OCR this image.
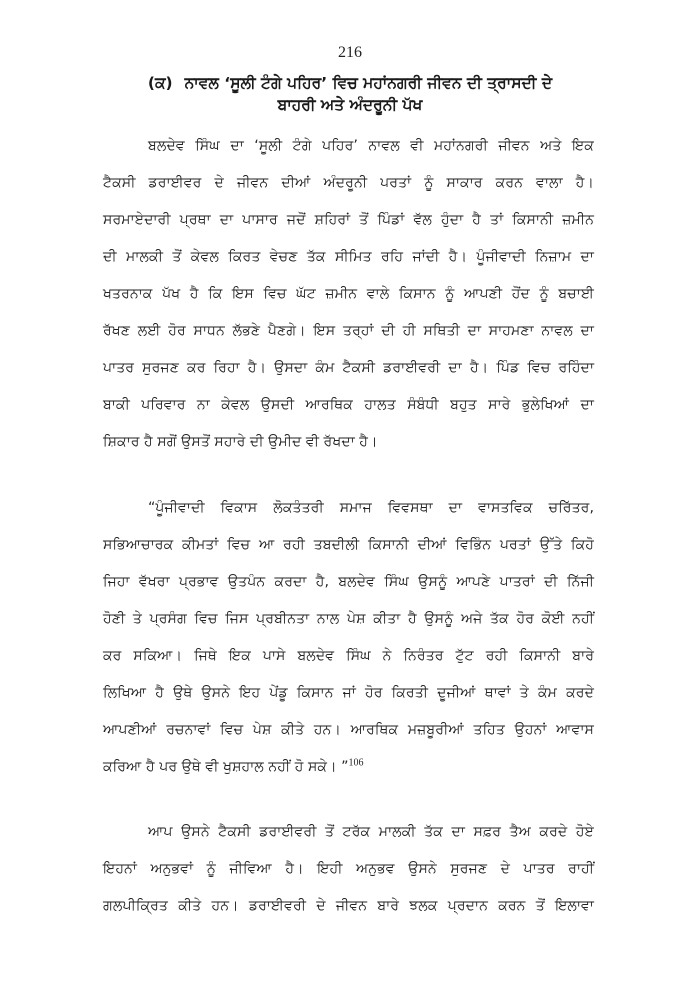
216
(ਕ) ਨਾਵਲ ‘ਸੂਲੀ ਟੰਗੇ ਪਹਿਰ’ ਵਿਚ ਮਹਾਂਨਗਰੀ ਜੀਵਨ ਦੀ ਤ੍ਰਾਸਦੀ ਦੇ
ਬਾਹਰੀ ਅਤੇ ਅੰਦਰੂਨੀ ਪੱਖ
ਬਲਦੇਵ ਸਿੰਘ ਦਾ ‘ਸੂਲੀ ਟੰਗੇ ਪਹਿਰ’ ਨਾਵਲ ਵੀ ਮਹਾਂਨਗਰੀ ਜੀਵਨ ਅਤੇ ਇਕ
ਟੈਕਸੀ ਡਰਾਈਵਰ ਦੇ ਜੀਵਨ ਦੀਆਂ ਅੰਦਰੂਨੀ ਪਰਤਾਂ ਨੂੰ ਸਾਕਾਰ ਕਰਨ ਵਾਲਾ ਹੈ।
ਸਰਮਾਏਦਾਰੀ ਪ੍ਰਥਾ ਦਾ ਪਾਸਾਰ ਜਦੋਂ ਸ਼ਹਿਰਾਂ ਤੋਂ ਪਿੰਡਾਂ ਵੱਲ ਹੁੰਦਾ ਹੈ ਤਾਂ ਕਿਸਾਨੀ ਜ਼ਮੀਨ
ਦੀ ਮਾਲਕੀ ਤੋਂ ਕੇਵਲ ਕਿਰਤ ਵੇਚਣ ਤੱਕ ਸੀਮਿਤ ਰਹਿ ਜਾਂਦੀ ਹੈ। ਪੂੰਜੀਵਾਦੀ ਨਿਜ਼ਾਮ ਦਾ
ਖਤਰਨਾਕ ਪੱਖ ਹੈ ਕਿ ਇਸ ਵਿਚ ਘੱਟ ਜ਼ਮੀਨ ਵਾਲੇ ਕਿਸਾਨ ਨੂੰ ਆਪਣੀ ਹੋਂਦ ਨੂੰ ਬਚਾਈ
ਰੱਖਣ ਲਈ ਹੋਰ ਸਾਧਨ ਲੱਭਣੇ ਪੈਣਗੇ। ਇਸ ਤਰ੍ਹਾਂ ਦੀ ਹੀ ਸਥਿਤੀ ਦਾ ਸਾਹਮਣਾ ਨਾਵਲ ਦਾ
ਪਾਤਰ ਸੁਰਜਣ ਕਰ ਰਿਹਾ ਹੈ। ਉਸਦਾ ਕੰਮ ਟੈਕਸੀ ਡਰਾਈਵਰੀ ਦਾ ਹੈ। ਪਿੰਡ ਵਿਚ ਰਹਿੰਦਾ
ਬਾਕੀ ਪਰਿਵਾਰ ਨਾ ਕੇਵਲ ਉਸਦੀ ਆਰਥਿਕ ਹਾਲਤ ਸੰਬੰਧੀ ਬਹੁਤ ਸਾਰੇ ਭੁਲੇਖਿਆਂ ਦਾ
ਸ਼ਿਕਾਰ ਹੈ ਸਗੋਂ ਉਸਤੋਂ ਸਹਾਰੇ ਦੀ ਉਮੀਦ ਵੀ ਰੱਖਦਾ ਹੈ।
“ਪੂੰਜੀਵਾਦੀ ਵਿਕਾਸ ਲੋਕਤੰਤਰੀ ਸਮਾਜ ਵਿਵਸਥਾ ਦਾ ਵਾਸਤਵਿਕ ਚਰਿੱਤਰ,
ਸਭਿਆਚਾਰਕ ਕੀਮਤਾਂ ਵਿਚ ਆ ਰਹੀ ਤਬਦੀਲੀ ਕਿਸਾਨੀ ਦੀਆਂ ਵਿਭਿੰਨ ਪਰਤਾਂ ਉੱਤੇ ਕਿਹੋ
ਜਿਹਾ ਵੱਖਰਾ ਪ੍ਰਭਾਵ ਉਤਪੰਨ ਕਰਦਾ ਹੈ, ਬਲਦੇਵ ਸਿੰਘ ਉਸਨੂੰ ਆਪਣੇ ਪਾਤਰਾਂ ਦੀ ਨਿੱਜੀ
ਹੋਣੀ ਤੇ ਪ੍ਰਸੰਗ ਵਿਚ ਜਿਸ ਪ੍ਰਬੀਨਤਾ ਨਾਲ ਪੇਸ਼ ਕੀਤਾ ਹੈ ਉਸਨੂੰ ਅਜੇ ਤੱਕ ਹੋਰ ਕੋਈ ਨਹੀਂ
ਕਰ ਸਕਿਆ। ਜਿਥੇ ਇਕ ਪਾਸੇ ਬਲਦੇਵ ਸਿੰਘ ਨੇ ਨਿਰੰਤਰ ਟੁੱਟ ਰਹੀ ਕਿਸਾਨੀ ਬਾਰੇ
ਲਿਖਿਆ ਹੈ ਉਥੇ ਉਸਨੇ ਇਹ ਪੇਂਡੂ ਕਿਸਾਨ ਜਾਂ ਹੋਰ ਕਿਰਤੀ ਦੂਜੀਆਂ ਥਾਵਾਂ ਤੇ ਕੰਮ ਕਰਦੇ
ਆਪਣੀਆਂ ਰਚਨਾਵਾਂ ਵਿਚ ਪੇਸ਼ ਕੀਤੇ ਹਨ। ਆਰਥਿਕ ਮਜ਼ਬੂਰੀਆਂ ਤਹਿਤ ਉਹਨਾਂ ਆਵਾਸ
ਕਰਿਆ ਹੈ ਪਰ ਉਥੇ ਵੀ ਖੁਸ਼ਹਾਲ ਨਹੀਂ ਹੋ ਸਕੇ। ”$^{106}$
ਆਪ ਉਸਨੇ ਟੈਕਸੀ ਡਰਾਈਵਰੀ ਤੋਂ ਟਰੱਕ ਮਾਲਕੀ ਤੱਕ ਦਾ ਸਫ਼ਰ ਤੈਅ ਕਰਦੇ ਹੋਏ
ਇਹਨਾਂ ਅਨੁਭਵਾਂ ਨੂੰ ਜੀਵਿਆ ਹੈ। ਇਹੀ ਅਨੁਭਵ ਉਸਨੇ ਸੁਰਜਣ ਦੇ ਪਾਤਰ ਰਾਹੀਂ
ਗਲਪੀਕ੍ਰਿਤ ਕੀਤੇ ਹਨ। ਡਰਾਈਵਰੀ ਦੇ ਜੀਵਨ ਬਾਰੇ ਝਲਕ ਪ੍ਰਦਾਨ ਕਰਨ ਤੋਂ ਇਲਾਵਾ
